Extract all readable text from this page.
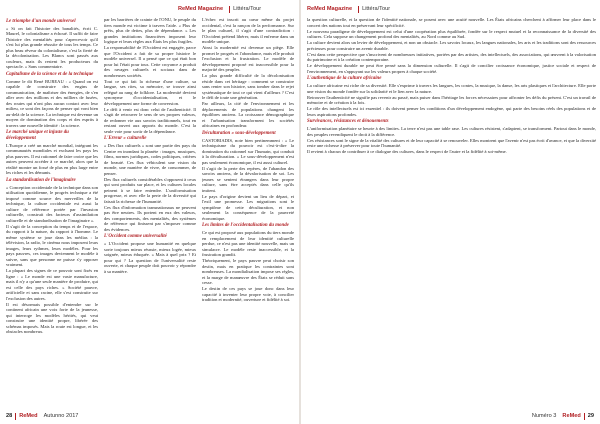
ReMed Magazine Littéra/Tour
Le triomphe d'un monde universel

« Si on fait l'histoire des banalités, écrit C. Maurel, le colonialisme a échoué. Il suffit de faire l'histoire des mentalités pour s'apercevoir qu'il s'est lui plus grande réussite de tous les temps. Ce plus beau rêveur du colonialisme, c'est la fierté de la décolonisation. Les Blancs sont passés aux couleurs, mais ils restent les producteurs du spectacle. » Sans commentaire.

Capitalisme de la science et de la technique

Comme le dit René BUREAU : « Quand on est capable de construire des engins de communication, de maîtriser des énergies, de s'en aller avec des millions et des milliers de fusées, des routes qui n'ont plus aucun contact avec leur milieu, ce sont des façons de penser qui vont bien au-delà de la science. La technique est devenue un moyen de domination des corps et des esprits à travers une nouvelle identité : la science.

Le marché unique et injuste du développement

L'Europe a créé un marché mondial, intégrant les communautés mondiales et excluant les pays les plus pauvres. Il est rationnel de faire croire que les autres peuvent accéder à ce marché, alors que la réalité montre un fossé de plus en plus large entre les riches et les démunis.

La standardisation de l'imaginaire

« Conception occidentale de la technique dans son utilisation quotidienne, le progrès technique a été imposé comme source des merveilles de la technique, la culture occidentale est aussi la culture de référence portée par l'invasion culturelle, construit des facteurs d'assimilation culturelle et de standardisation de l'imaginaire ».

Il s'agit de la conception du temps et de l'espace, du rapport à la nature, du rapport à l'homme. Le même système se joue dans les médias : la télévision, la radio, le cinéma nous imposent leurs images, leurs rythmes, leurs modèles. Pour les pays pauvres, ces images deviennent le modèle à suivre, sans que personne ne puisse s'y opposer vraiment.

La plupart des signes de ce pouvoir sont fixés en ligne : « Le monde est une vaste manufacture, mais il n'y a qu'une seule manière de produire, qui est celle des pays riches. » Société pauvre, artificielle et sans racine, elle s'est construite sur l'exclusion des autres.

Il est désormais possible d'entendre sur le continent africain une voix forte de la jeunesse, qui interroge les modèles hérités, qui veut construire une identité propre, libérée des schémas imposés. Mais la route est longue, et les obstacles nombreux.

par les barrières de crainte de l'ONU, le peuple du tiers monde est victime à travers l'aide. « Plus de prêts, plus de dettes, plus de dépendance. » Les grandes institutions financières imposent leur logique et leurs règles aux États les plus fragiles.

La responsabilité de l'Occident est engagée, parce que l'Occident a fait de sa propre histoire le modèle universel. Il a pensé que ce qui était bon pour lui l'était pour tous. Cette croyance a produit des ravages culturels et sociaux dans de nombreuses sociétés.

Tout ce qui fait la richesse d'une culture, sa langue, ses rites, sa mémoire, se trouve ainsi relégué au rang de folklore. La modernité devient synonyme d'occidentalisation, et le développement une forme de conversion.

Le défi à venir est donc celui de l'authenticité. Il s'agit de retrouver le sens de ses propres valeurs, de redonner vie aux savoirs traditionnels, tout en restant ouvert aux apports du monde. C'est la seule voie pour sortir de la dépendance.

L'Erreur » culturelle

« Des flux culturels » sont une partie des pays du Centre en inondant la planète : images, musiques, films, normes juridiques, codes politiques, critères de beauté. Ces flux véhiculent une vision du monde, une manière de vivre, de consommer, de penser.

Des flux culturels considérables s'opposent à ceux qui sont produits sur place, et les cultures locales peinent à se faire entendre. L'uniformisation progresse, et avec elle la perte de la diversité qui faisait la richesse de l'humanité.

Ces flux d'information transnationaux ne peuvent pas être neutres. Ils portent en eux des valeurs, des comportements, des mentalités, des systèmes de référence qui finissent par s'imposer comme des évidences.

L'Occident comme universalité

« L'Occident propose une humanité en quelque sorte toujours mieux réussie, mieux logée, mieux soignée, mieux éduquée. » Mais à quel prix ? Et pour qui ? La question de l'universalité reste ouverte, et chaque peuple doit pouvoir y répondre à sa manière.

L'échec est inscrit au cœur même du projet occidental, c'est la rançon de la performance. Sur le plan culturel, il s'agit d'une contradiction : l'Occident prétend libérer, mais il enferme dans un modèle unique.

Ainsi la modernité est devenue un piège. Elle promet le progrès et l'abondance, mais elle produit l'exclusion et la frustration. Le modèle de développement proposé est inaccessible pour la majorité des peuples.

La plus grande difficulté de la décolonisation réside dans cet héritage : comment se construire sans renier son histoire, sans tomber dans le rejet systématique de tout ce qui vient d'ailleurs ? C'est le défi de toute une génération.

Par ailleurs, la cité de l'environnement et les déplacements de populations changent les équilibres anciens. La croissance démographique et l'urbanisation transforment les sociétés africaines en profondeur.

Déculturation » sous-développement

CASTORIADIS, note bien pertinemment : « Le techniquisme du pouvoir est c'est-à-dire la domination du rationnel sur l'humain, qui conduit à la déculturation. » Le sous-développement n'est pas seulement économique, il est aussi culturel.

Il s'agit de la perte des repères, de l'abandon des savoirs anciens, de la dévalorisation de soi. Les jeunes se sentent étrangers dans leur propre culture, sans être acceptés dans celle qu'ils imitent.

Le pays d'origine devient un lieu de départ, et l'exil une promesse. Les migrations sont le symptôme de cette déculturation, et non seulement la conséquence de la pauvreté économique.

Les limites de l'occidentalisation du monde

Ce qui est proposé aux populations du tiers monde en remplacement de leur identité culturelle perdue, ce n'est pas une identité nouvelle, mais un simulacre. Le modèle reste inaccessible, et la frustration grandit.

Théoriquement, le pays pauvre peut choisir son destin, mais en pratique les contraintes sont nombreuses. La mondialisation impose ses règles, et la marge de manœuvre des États se réduit sans cesse.

Le destin de ces pays se joue donc dans leur capacité à inventer leur propre voie, à concilier tradition et modernité, ouverture et fidélité à soi.

28 ReMed Autunno 2017
ReMed Magazine Littéra/Tour

la question culturelle, et la question de l'identité nationale, se posent avec une acuité nouvelle. Les États africains cherchent à affirmer leur place dans le concert des nations tout en préservant leur spécificité.

Le nouveau paradigme de développement est celui d'une coopération plus équilibrée, fondée sur le respect mutuel et la reconnaissance de la diversité des cultures. Cela suppose un changement profond des mentalités, au Nord comme au Sud.

La culture devient alors un levier de développement, et non un obstacle. Les savoirs locaux, les langues nationales, les arts et les traditions sont des ressources précieuses pour construire un avenir durable.

C'est dans cette perspective que s'inscrivent de nombreuses initiatives, portées par des artistes, des intellectuels, des associations, qui œuvrent à la valorisation du patrimoine et à la création contemporaine.

Le développement durable ne peut être pensé sans la dimension culturelle. Il s'agit de concilier croissance économique, justice sociale et respect de l'environnement, en s'appuyant sur les valeurs propres à chaque société.

L'authentique de la culture africaine

La culture africaine est riche de sa diversité. Elle s'exprime à travers les langues, les contes, la musique, la danse, les arts plastiques et l'architecture. Elle porte une vision du monde fondée sur la solidarité et le lien avec la nature.

Retrouver l'authenticité ne signifie pas revenir au passé, mais puiser dans l'héritage les forces nécessaires pour affronter les défis du présent. C'est un travail de mémoire et de création à la fois.

Le rôle des intellectuels est ici essentiel : ils doivent penser les conditions d'un développement endogène, qui parte des besoins réels des populations et de leurs aspirations profondes.

Survivances, résistances et dénouements

L'uniformisation planétaire se heurte à des limites. La terre n'est pas une table rase. Les cultures résistent, s'adaptent, se transforment. Partout dans le monde, des peuples revendiquent le droit à la différence.

Ces résistances sont le signe de la vitalité des cultures et de leur capacité à se renouveler. Elles montrent que l'avenir n'est pas écrit d'avance, et que la diversité reste une richesse à préserver pour toute l'humanité.

Il revient à chacun de contribuer à ce dialogue des cultures, dans le respect de l'autre et la fidélité à soi-même.

Numéro 3 ReMed 29
